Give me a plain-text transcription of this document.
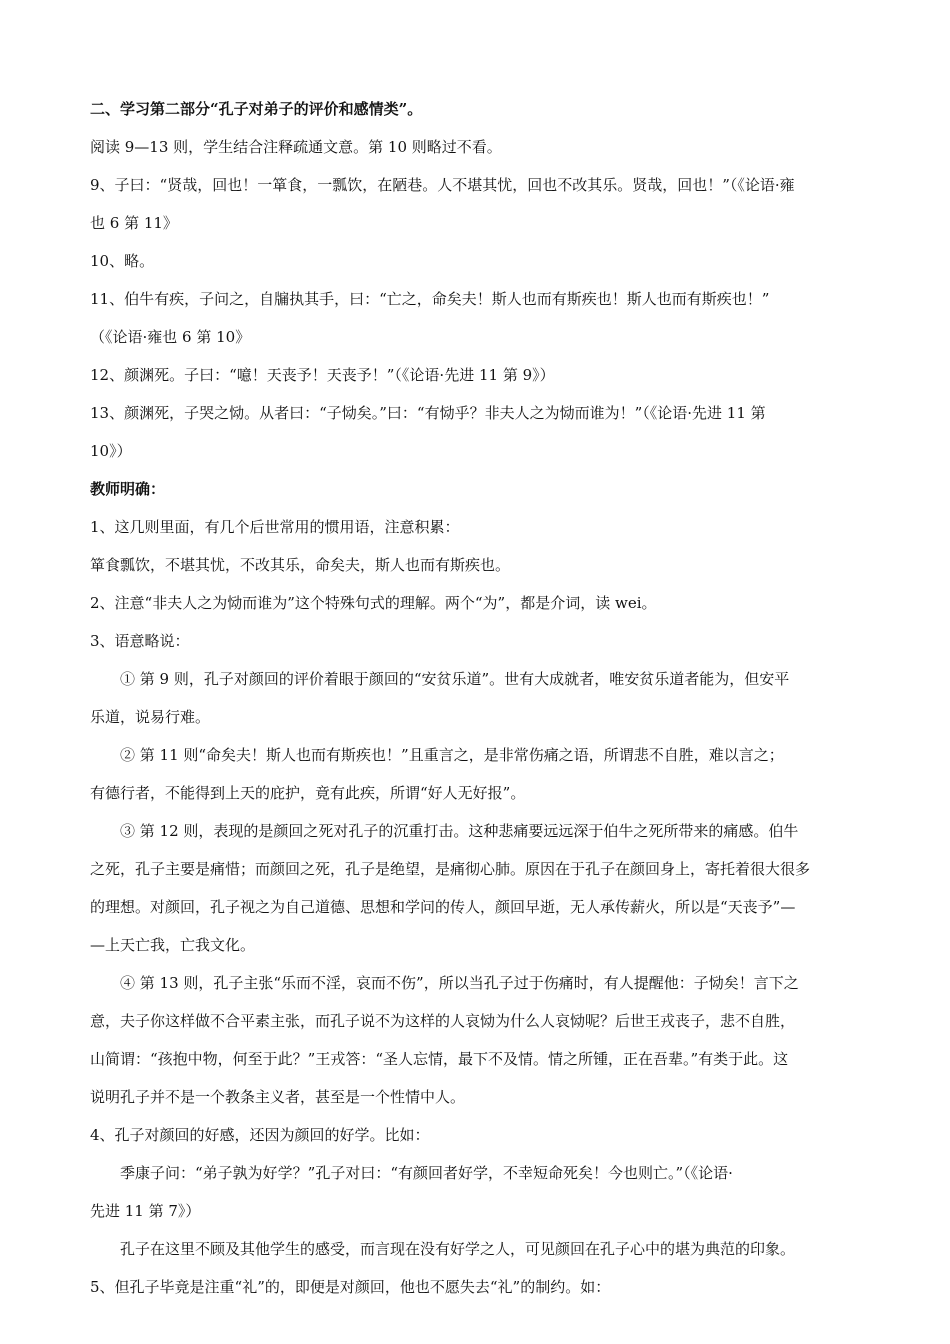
二、学习第二部分“孔子对弟子的评价和感情类”。
阅读 9—13 则，学生结合注释疏通文意。第 10 则略过不看。
9、子曰：“贤哉，回也！一箪食，一瓢饮，在陋巷。人不堪其忧，回也不改其乐。贤哉，回也！”（《论语·雍
也 6 第 11》
10、略。
11、伯牛有疾，子问之，自牖执其手，曰：“亡之，命矣夫！斯人也而有斯疾也！斯人也而有斯疾也！”
（《论语·雍也 6 第 10》
12、颜渊死。子曰：“噫！天丧予！天丧予！”（《论语·先进 11 第 9》）
13、颜渊死，子哭之恸。从者曰：“子恸矣。”曰：“有恸乎？非夫人之为恸而谁为！”（《论语·先进 11 第
10》）
教师明确：
1、这几则里面，有几个后世常用的惯用语，注意积累：
箪食瓢饮，不堪其忧，不改其乐，命矣夫，斯人也而有斯疾也。
2、注意“非夫人之为恸而谁为”这个特殊句式的理解。两个“为”，都是介词，读 wei。
3、语意略说：
① 第 9 则，孔子对颜回的评价着眼于颜回的“安贫乐道”。世有大成就者，唯安贫乐道者能为，但安平
乐道，说易行难。
② 第 11 则“命矣夫！斯人也而有斯疾也！”且重言之，是非常伤痛之语，所谓悲不自胜，难以言之；
有德行者，不能得到上天的庇护，竟有此疾，所谓“好人无好报”。
③ 第 12 则，表现的是颜回之死对孔子的沉重打击。这种悲痛要远远深于伯牛之死所带来的痛感。伯牛
之死，孔子主要是痛惜；而颜回之死，孔子是绝望，是痛彻心肺。原因在于孔子在颜回身上，寄托着很大很多
的理想。对颜回，孔子视之为自己道德、思想和学问的传人，颜回早逝，无人承传薪火，所以是“天丧予”—
—上天亡我，亡我文化。
④ 第 13 则，孔子主张“乐而不淫，哀而不伤”，所以当孔子过于伤痛时，有人提醒他：子恸矣！言下之
意，夫子你这样做不合平素主张，而孔子说不为这样的人哀恸为什么人哀恸呢？后世王戎丧子，悲不自胜，
山简谓：“孩抱中物，何至于此？”王戎答：“圣人忘情，最下不及情。情之所锺，正在吾辈。”有类于此。这
说明孔子并不是一个教条主义者，甚至是一个性情中人。
4、孔子对颜回的好感，还因为颜回的好学。比如：
季康子问：“弟子孰为好学？”孔子对曰：“有颜回者好学，不幸短命死矣！今也则亡。”（《论语·
先进 11 第 7》）
孔子在这里不顾及其他学生的感受，而言现在没有好学之人，可见颜回在孔子心中的堪为典范的印象。
5、但孔子毕竟是注重“礼”的，即便是对颜回，他也不愿失去“礼”的制约。如：
